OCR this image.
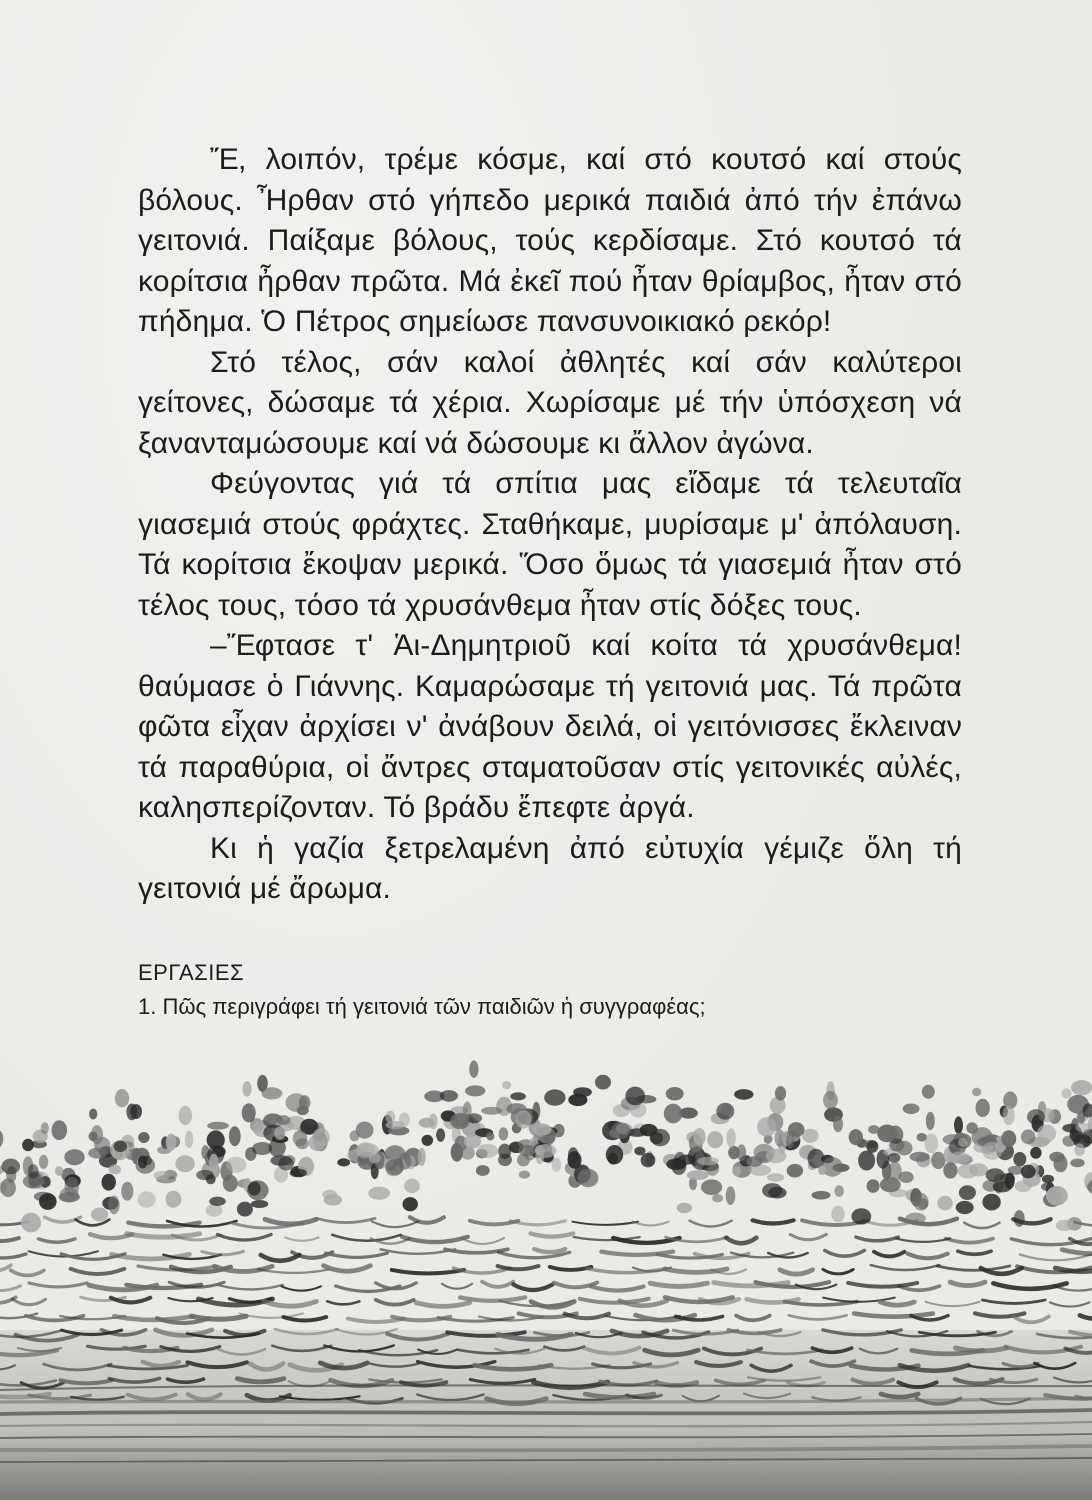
Ἔ, λοιπόν, τρέμε κόσμε, καί στό κουτσό καί στούς βόλους. Ἦρθαν στό γήπεδο μερικά παιδιά ἀπό τήν ἐπάνω γειτονιά. Παίξαμε βόλους, τούς κερδίσαμε. Στό κουτσό τά κορίτσια ἦρθαν πρῶτα. Μά ἐκεῖ πού ἦταν θρίαμβος, ἦταν στό πήδημα. Ὁ Πέτρος σημείωσε πανσυνοικιακό ρεκόρ!

Στό τέλος, σάν καλοί ἀθλητές καί σάν καλύτεροι γείτονες, δώσαμε τά χέρια. Χωρίσαμε μέ τήν ὑπόσχεση νά ξανανταμώσουμε καί νά δώσουμε κι ἄλλον ἀγώνα.

Φεύγοντας γιά τά σπίτια μας εἴδαμε τά τελευταῖα γιασεμιά στούς φράχτες. Σταθήκαμε, μυρίσαμε μ' ἀπόλαυση. Τά κορίτσια ἔκοψαν μερικά. Ὅσο ὅμως τά γιασεμιά ἦταν στό τέλος τους, τόσο τά χρυσάνθεμα ἦταν στίς δόξες τους.

–Ἔφτασε τ' Ἁι-Δημητριοῦ καί κοίτα τά χρυσάνθεμα! θαύμασε ὁ Γιάννης. Καμαρώσαμε τή γειτονιά μας. Τά πρῶτα φῶτα εἶχαν ἀρχίσει ν' ἀνάβουν δειλά, οἱ γειτόνισσες ἔκλειναν τά παραθύρια, οἱ ἄντρες σταματοῦσαν στίς γειτονικές αὐλές, καλησπερίζονταν. Τό βράδυ ἔπεφτε ἀργά.

Κι ἡ γαζία ξετρελαμένη ἀπό εὐτυχία γέμιζε ὅλη τή γειτονιά μέ ἄρωμα.

ΕΡΓΑΣΙΕΣ

1. Πῶς περιγράφει τή γειτονιά τῶν παιδιῶν ἡ συγγραφέας;
